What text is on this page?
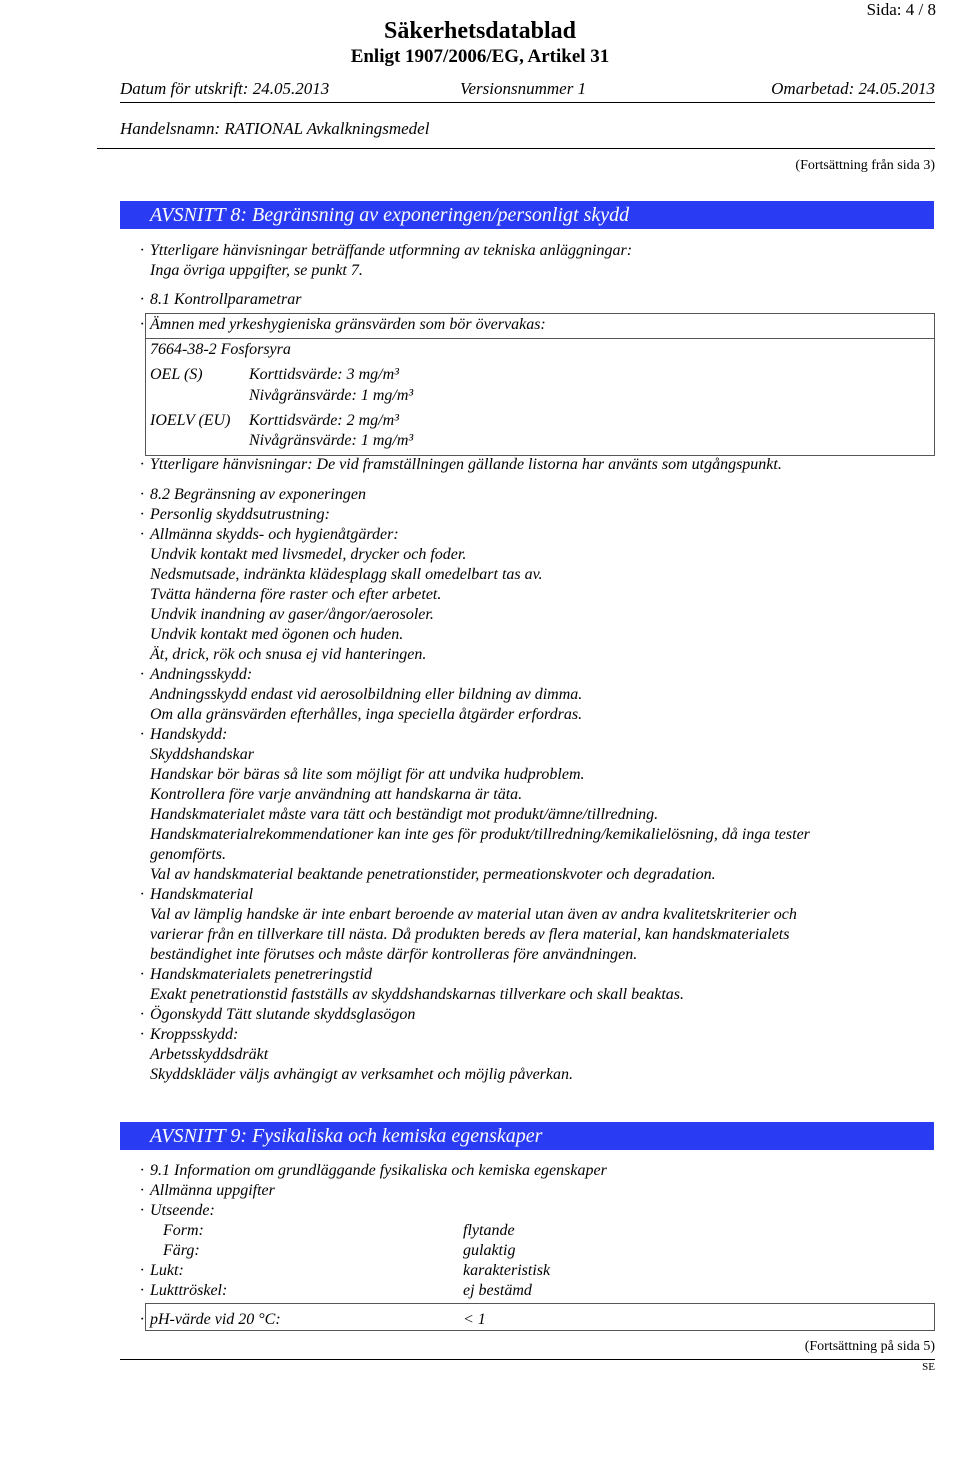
Sida: 4 / 8
Säkerhetsdatablad
Enligt 1907/2006/EG, Artikel 31
Datum för utskrift: 24.05.2013	Versionsnummer 1	Omarbetad: 24.05.2013
Handelsnamn: RATIONAL Avkalkningsmedel
(Fortsättning från sida 3)
AVSNITT 8: Begränsning av exponeringen/personligt skydd
· Ytterligare hänvisningar beträffande utformning av tekniska anläggningar:
Inga övriga uppgifter, se punkt 7.
· 8.1 Kontrollparametrar
· Ämnen med yrkeshygieniska gränsvärden som bör övervakas:
7664-38-2 Fosforsyra
OEL (S)	Korttidsvärde: 3 mg/m³
Nivågränsvärde: 1 mg/m³
IOELV (EU) Korttidsvärde: 2 mg/m³
Nivågränsvärde: 1 mg/m³
· Ytterligare hänvisningar: De vid framställningen gällande listorna har använts som utgångspunkt.
· 8.2 Begränsning av exponeringen
· Personlig skyddsutrustning:
· Allmänna skydds- och hygienåtgärder:
Undvik kontakt med livsmedel, drycker och foder.
Nedsmutsade, indränkta klädesplagg skall omedelbart tas av.
Tvätta händerna före raster och efter arbetet.
Undvik inandning av gaser/ångor/aerosoler.
Undvik kontakt med ögonen och huden.
Ät, drick, rök och snusa ej vid hanteringen.
· Andningsskydd:
Andningsskydd endast vid aerosolbildning eller bildning av dimma.
Om alla gränsvärden efterhålles, inga speciella åtgärder erfordras.
· Handskydd:
Skyddshandskar
Handskar bör bäras så lite som möjligt för att undvika hudproblem.
Kontrollera före varje användning att handskarna är täta.
Handskmaterialet måste vara tätt och beständigt mot produkt/ämne/tillredning.
Handskmaterialrekommendationer kan inte ges för produkt/tillredning/kemikalielösning, då inga tester
genomförts.
Val av handskmaterial beaktande penetrationstider, permeationskvoter och degradation.
· Handskmaterial
Val av lämplig handske är inte enbart beroende av material utan även av andra kvalitetskriterier och
varierar från en tillverkare till nästa. Då produkten bereds av flera material, kan handskmaterialets
beständighet inte förutses och måste därför kontrolleras före användningen.
· Handskmaterialets penetreringstid
Exakt penetrationstid fastställs av skyddshandskarnas tillverkare och skall beaktas.
· Ögonskydd Tätt slutande skyddsglasögon
· Kroppsskydd:
Arbetsskyddsdräkt
Skyddskläder väljs avhängigt av verksamhet och möjlig påverkan.
AVSNITT 9: Fysikaliska och kemiska egenskaper
· 9.1 Information om grundläggande fysikaliska och kemiska egenskaper
· Allmänna uppgifter
· Utseende:
Form:	flytande
Färg:	gulaktig
· Lukt:	karakteristisk
· Lukttröskel:	ej bestämd
· pH-värde vid 20 °C:	< 1
(Fortsättning på sida 5)
SE
